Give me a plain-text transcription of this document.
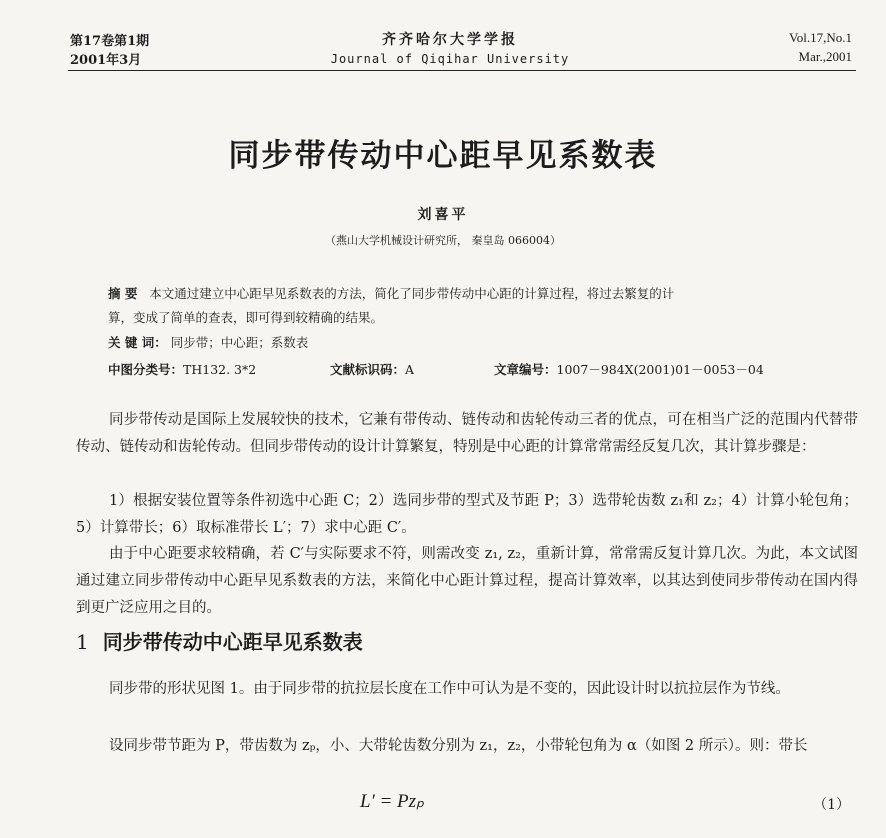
第17卷第1期
2001年3月
齐齐哈尔大学学报
Journal of Qiqihar University
Vol.17,No.1
Mar.,2001
同步带传动中心距早见系数表
刘喜平
（燕山大学机械设计研究所， 秦皇岛 066004）
摘 要 本文通过建立中心距早见系数表的方法，简化了同步带传动中心距的计算过程，将过去繁复的计
算，变成了简单的查表，即可得到较精确的结果。
关 键 词： 同步带；中心距；系数表
中图分类号：TH132. 3*2	文献标识码：A	文章编号：1007－984X(2001)01－0053－04

同步带传动是国际上发展较快的技术，它兼有带传动、链传动和齿轮传动三者的优点，可在相当广泛的范围内代替带传动、链传动和齿轮传动。但同步带传动的设计计算繁复，特别是中心距的计算常常需经反复几次，其计算步骤是：

1）根据安装位置等条件初选中心距 C；2）选同步带的型式及节距 P；3）选带轮齿数 z₁和 z₂；4）计算小轮包角；5）计算带长；6）取标准带长 L′；7）求中心距 C′。

由于中心距要求较精确，若 C′与实际要求不符，则需改变 z₁, z₂，重新计算，常常需反复计算几次。为此，本文试图通过建立同步带传动中心距早见系数表的方法，来简化中心距计算过程，提高计算效率，以其达到使同步带传动在国内得到更广泛应用之目的。

1 同步带传动中心距早见系数表

同步带的形状见图 1。由于同步带的抗拉层长度在工作中可认为是不变的，因此设计时以抗拉层作为节线。

设同步带节距为 P，带齿数为 zₚ，小、大带轮齿数分别为 z₁，z₂，小带轮包角为 α（如图 2 所示）。则：带长

L′ = Pzₚ	（1）
